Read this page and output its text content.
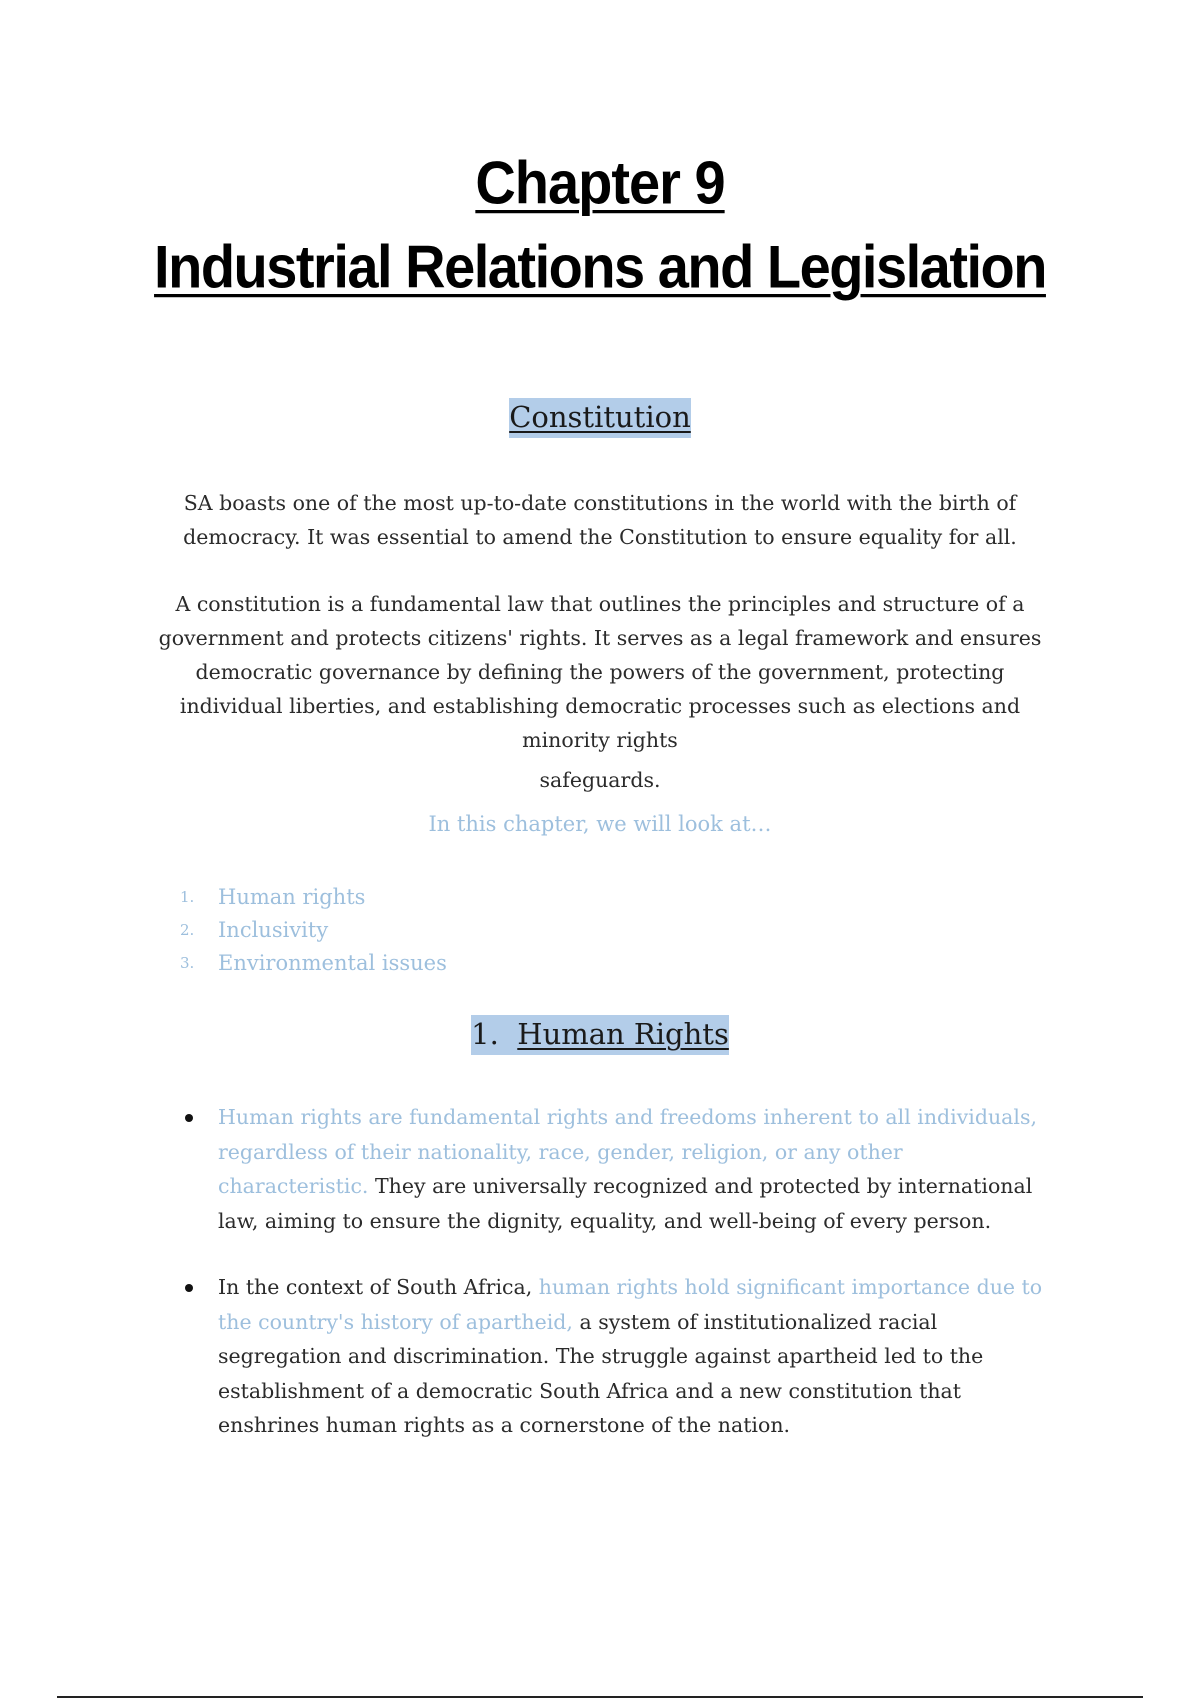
Chapter 9
Industrial Relations and Legislation
Constitution
SA boasts one of the most up-to-date constitutions in the world with the birth of democracy. It was essential to amend the Constitution to ensure equality for all.
A constitution is a fundamental law that outlines the principles and structure of a government and protects citizens' rights. It serves as a legal framework and ensures democratic governance by defining the powers of the government, protecting individual liberties, and establishing democratic processes such as elections and minority rights
safeguards.
In this chapter, we will look at…
1.	Human rights
2.	Inclusivity
3.	Environmental issues
1. Human Rights
Human rights are fundamental rights and freedoms inherent to all individuals, regardless of their nationality, race, gender, religion, or any other characteristic. They are universally recognized and protected by international law, aiming to ensure the dignity, equality, and well-being of every person.
In the context of South Africa, human rights hold significant importance due to the country's history of apartheid, a system of institutionalized racial segregation and discrimination. The struggle against apartheid led to the establishment of a democratic South Africa and a new constitution that enshrines human rights as a cornerstone of the nation.
